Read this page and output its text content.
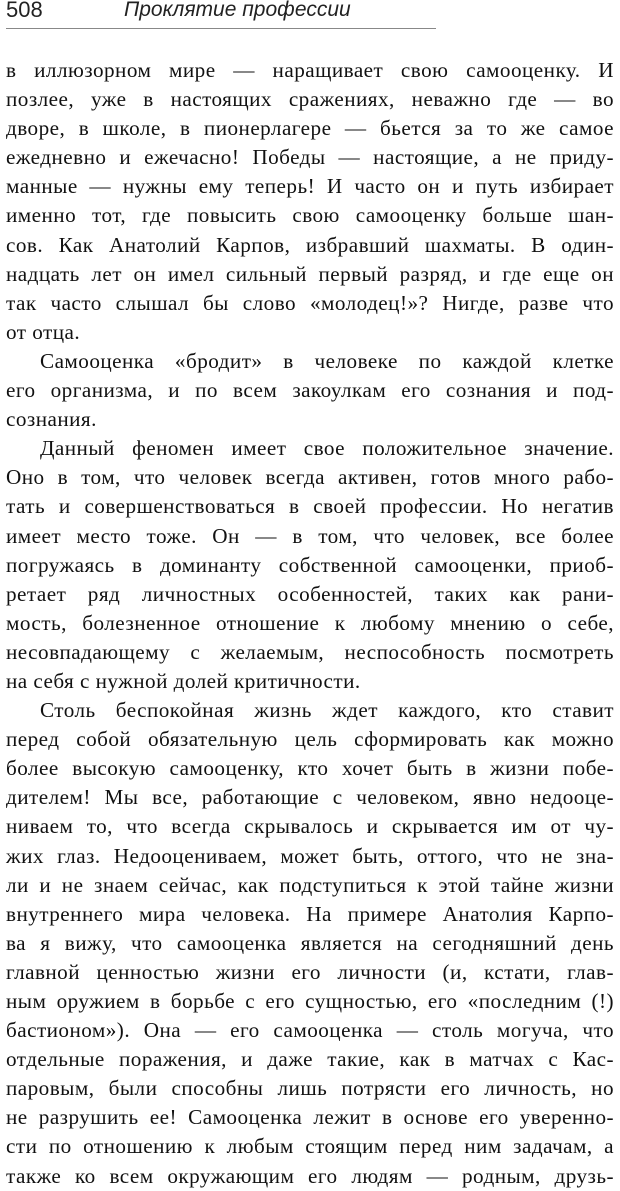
508	Проклятие профессии
в иллюзорном мире — наращивает свою самооценку. И
позлее, уже в настоящих сражениях, неважно где — во
дворе, в школе, в пионерлагере — бьется за то же самое
ежедневно и ежечасно! Победы — настоящие, а не приду-
манные — нужны ему теперь! И часто он и путь избирает
именно тот, где повысить свою самооценку больше шан-
сов. Как Анатолий Карпов, избравший шахматы. В один-
надцать лет он имел сильный первый разряд, и где еще он
так часто слышал бы слово «молодец!»? Нигде, разве что
от отца.
Самооценка «бродит» в человеке по каждой клетке
его организма, и по всем закоулкам его сознания и под-
сознания.
Данный феномен имеет свое положительное значение.
Оно в том, что человек всегда активен, готов много рабо-
тать и совершенствоваться в своей профессии. Но негатив
имеет место тоже. Он — в том, что человек, все более
погружаясь в доминанту собственной самооценки, приоб-
ретает ряд личностных особенностей, таких как рани-
мость, болезненное отношение к любому мнению о себе,
несовпадающему с желаемым, неспособность посмотреть
на себя с нужной долей критичности.
Столь беспокойная жизнь ждет каждого, кто ставит
перед собой обязательную цель сформировать как можно
более высокую самооценку, кто хочет быть в жизни побе-
дителем! Мы все, работающие с человеком, явно недооце-
ниваем то, что всегда скрывалось и скрывается им от чу-
жих глаз. Недооцениваем, может быть, оттого, что не зна-
ли и не знаем сейчас, как подступиться к этой тайне жизни
внутреннего мира человека. На примере Анатолия Карпо-
ва я вижу, что самооценка является на сегодняшний день
главной ценностью жизни его личности (и, кстати, глав-
ным оружием в борьбе с его сущностью, его «последним (!)
бастионом»). Она — его самооценка — столь могуча, что
отдельные поражения, и даже такие, как в матчах с Кас-
паровым, были способны лишь потрясти его личность, но
не разрушить ее! Самооценка лежит в основе его увереннo-
сти по отношению к любым стоящим перед ним задачам, а
также ко всем окружающим его людям — родным, друзь-
